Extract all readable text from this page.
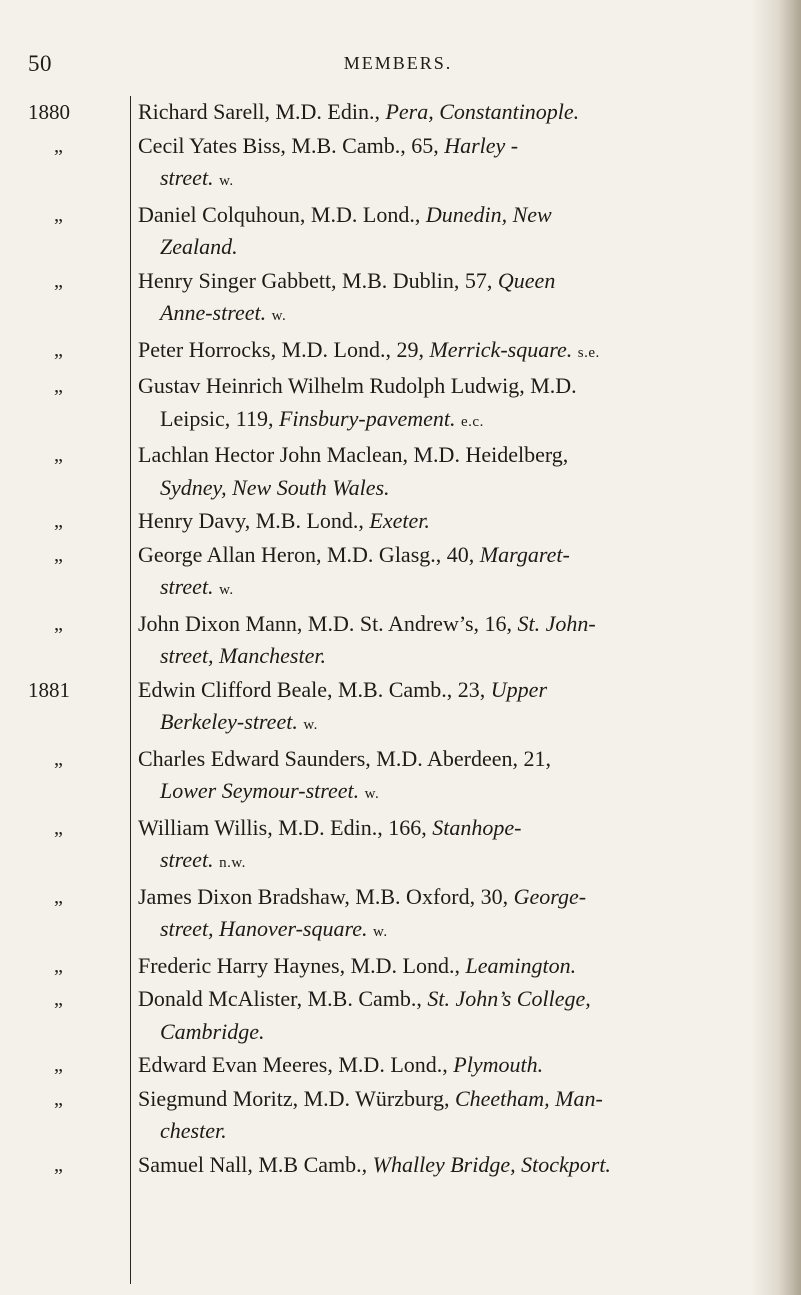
50	MEMBERS.
1880	Richard Sarell, M.D. Edin., Pera, Constantinople.
„	Cecil Yates Biss, M.B. Camb., 65, Harley -
street. w.
„	Daniel Colquhoun, M.D. Lond., Dunedin, New
Zealand.
„	Henry Singer Gabbett, M.B. Dublin, 57, Queen
Anne-street. w.
„	Peter Horrocks, M.D. Lond., 29, Merrick-square. s.e.
„	Gustav Heinrich Wilhelm Rudolph Ludwig, M.D.
Leipsic, 119, Finsbury-pavement. e.c.
„	Lachlan Hector John Maclean, M.D. Heidelberg,
Sydney, New South Wales.
„	Henry Davy, M.B. Lond., Exeter.
„	George Allan Heron, M.D. Glasg., 40, Margaret-
street. w.
„	John Dixon Mann, M.D. St. Andrew’s, 16, St. John-
street, Manchester.
1881	Edwin Clifford Beale, M.B. Camb., 23, Upper
Berkeley-street. w.
„	Charles Edward Saunders, M.D. Aberdeen, 21,
Lower Seymour-street. w.
„	William Willis, M.D. Edin., 166, Stanhope-
street. n.w.
„	James Dixon Bradshaw, M.B. Oxford, 30, George-
street, Hanover-square. w.
„	Frederic Harry Haynes, M.D. Lond., Leamington.
„	Donald McAlister, M.B. Camb., St. John’s College,
Cambridge.
„	Edward Evan Meeres, M.D. Lond., Plymouth.
„	Siegmund Moritz, M.D. Würzburg, Cheetham, Man-
chester.
„	Samuel Nall, M.B Camb., Whalley Bridge, Stockport.
